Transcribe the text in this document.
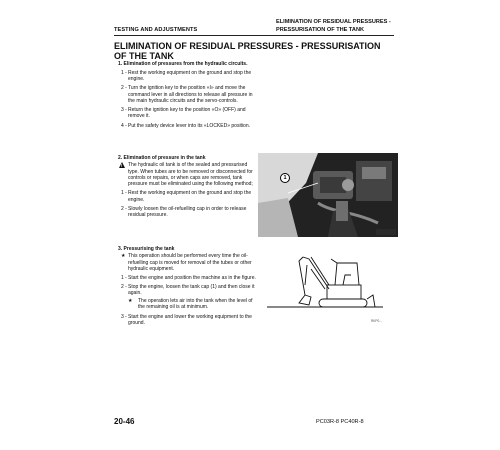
TESTING AND ADJUSTMENTS
ELIMINATION OF RESIDUAL PRESSURES -
PRESSURISATION OF THE TANK
ELIMINATION OF RESIDUAL PRESSURES - PRESSURISATION OF THE TANK
1. Elimination of pressures from the hydraulic circuits.
1 - Rest the working equipment on the ground and stop the engine.
2 - Turn the ignition key to the position «I» and move the command lever in all directions to release all pressure in the main hydraulic circuits and the servo-controls.
3 - Return the ignition key to the position «O» (OFF) and remove it.
4 - Put the safety device lever into its «LOCKED» position.
2. Elimination of pressure in the tank
! The hydraulic oil tank is of the sealed and pressurised type. When tubes are to be removed or disconnected for controls or repairs, or when caps are removed, tank pressure must be eliminated using the following method;
1 - Rest the working equipment on the ground and stop the engine.
2 - Slowly loosen the oil-refuelling cap in order to release residual pressure.
3. Pressurising the tank
★ This operation should be performed every time the oil-refuelling cap is moved for removal of the tubes or other hydraulic equipment.
1 - Start the engine and position the machine as in the figure.
2 - Stop the engine, loosen the tank cap (1) and then close it again.
★ The operation lets air into the tank when the level of the remaining oil is at minimum.
3 - Start the engine and lower the working equipment to the ground.
1
RKP0...
20-46	PC03R-8 PC40R-8
